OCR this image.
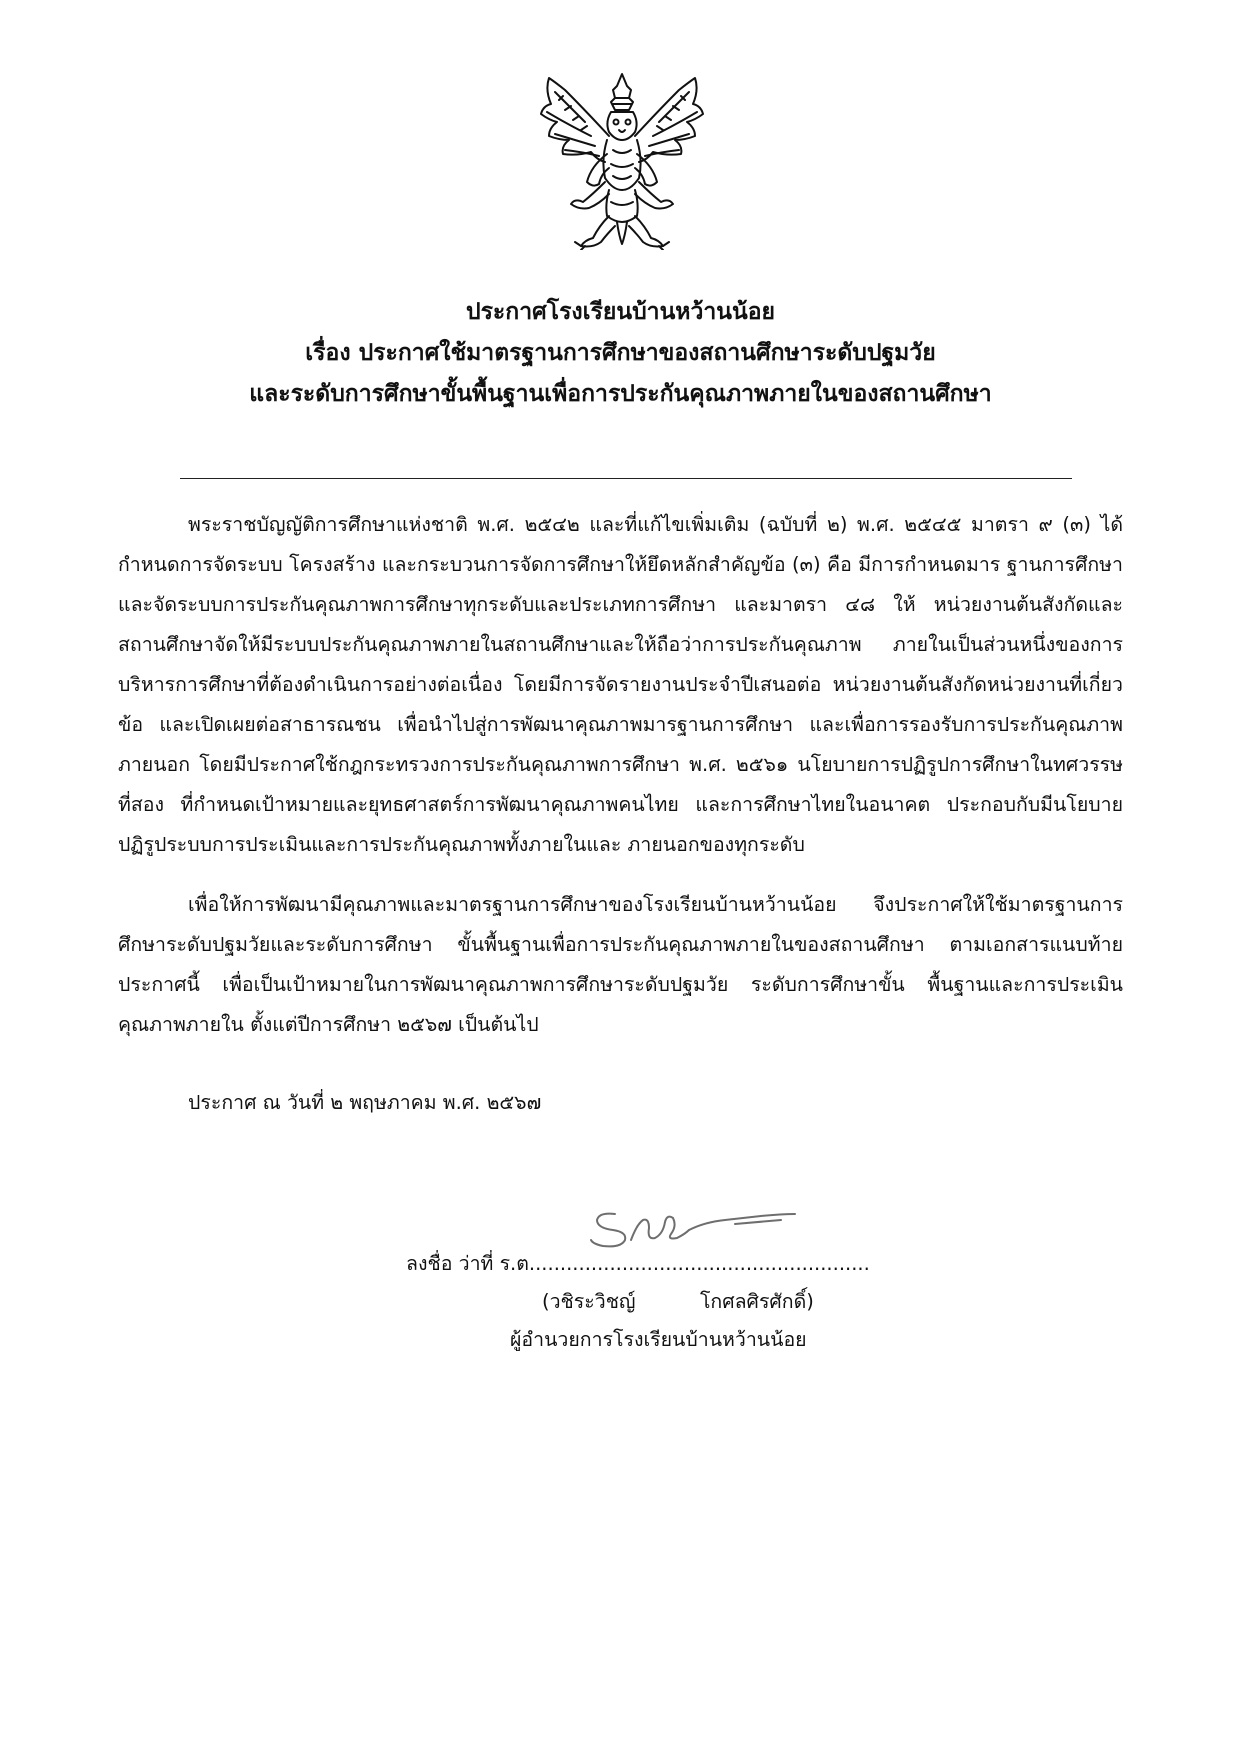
ประกาศโรงเรียนบ้านหว้านน้อย
เรื่อง ประกาศใช้มาตรฐานการศึกษาของสถานศึกษาระดับปฐมวัย
และระดับการศึกษาขั้นพื้นฐานเพื่อการประกันคุณภาพภายในของสถานศึกษา

พระราชบัญญัติการศึกษาแห่งชาติ พ.ศ. ๒๕๔๒ และที่แก้ไขเพิ่มเติม (ฉบับที่ ๒) พ.ศ. ๒๕๔๕ มาตรา ๙ (๓) ได้กำหนดการจัดระบบ โครงสร้าง และกระบวนการจัดการศึกษาให้ยึดหลักสำคัญข้อ (๓) คือ มีการกำหนดมาร ฐานการศึกษา และจัดระบบการประกันคุณภาพการศึกษาทุกระดับและประเภทการศึกษา และมาตรา ๔๘ ให้ หน่วยงานต้นสังกัดและสถานศึกษาจัดให้มีระบบประกันคุณภาพภายในสถานศึกษาและให้ถือว่าการประกันคุณภาพ ภายในเป็นส่วนหนึ่งของการบริหารการศึกษาที่ต้องดำเนินการอย่างต่อเนื่อง โดยมีการจัดรายงานประจำปีเสนอต่อ หน่วยงานต้นสังกัดหน่วยงานที่เกี่ยวข้อ และเปิดเผยต่อสาธารณชน เพื่อนำไปสู่การพัฒนาคุณภาพมารฐานการศึกษา และเพื่อการรองรับการประกันคุณภาพภายนอก โดยมีประกาศใช้กฎกระทรวงการประกันคุณภาพการศึกษา พ.ศ. ๒๕๖๑ นโยบายการปฏิรูปการศึกษาในทศวรรษที่สอง ที่กำหนดเป้าหมายและยุทธศาสตร์การพัฒนาคุณภาพคนไทย และการศึกษาไทยในอนาคต ประกอบกับมีนโยบายปฏิรูประบบการประเมินและการประกันคุณภาพทั้งภายในและ ภายนอกของทุกระดับ

เพื่อให้การพัฒนามีคุณภาพและมาตรฐานการศึกษาของโรงเรียนบ้านหว้านน้อย จึงประกาศให้ใช้มาตรฐานการศึกษาระดับปฐมวัยและระดับการศึกษา ขั้นพื้นฐานเพื่อการประกันคุณภาพภายในของสถานศึกษา ตามเอกสารแนบท้ายประกาศนี้ เพื่อเป็นเป้าหมายในการพัฒนาคุณภาพการศึกษาระดับปฐมวัย ระดับการศึกษาขั้น พื้นฐานและการประเมินคุณภาพภายใน ตั้งแต่ปีการศึกษา ๒๕๖๗ เป็นต้นไป

ประกาศ ณ วันที่ ๒ พฤษภาคม พ.ศ. ๒๕๖๗
ลงชื่อ ว่าที่ ร.ต.......................................................
(วชิระวิชญ์	โกศลศิรศักดิ์)
ผู้อำนวยการโรงเรียนบ้านหว้านน้อย
